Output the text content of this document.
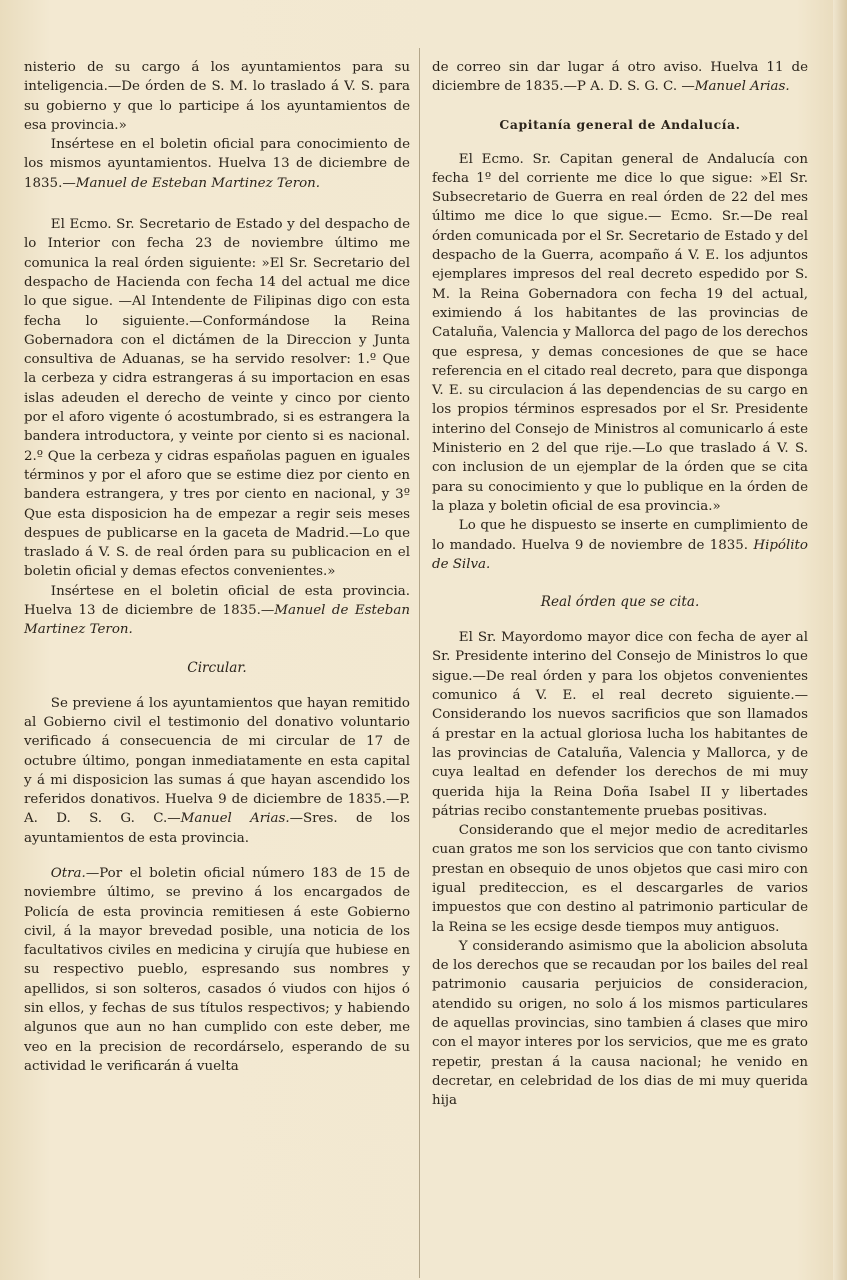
nisterio de su cargo á los ayuntamientos para su inteligencia.—De órden de S. M. lo traslado á V. S. para su gobierno y que lo participe á los ayuntamientos de esa provincia.»

Insértese en el boletin oficial para conocimiento de los mismos ayuntamientos. Huelva 13 de diciembre de 1835.—Manuel de Esteban Martinez Teron.

El Ecmo. Sr. Secretario de Estado y del despacho de lo Interior con fecha 23 de noviembre último me comunica la real órden siguiente: »El Sr. Secretario del despacho de Hacienda con fecha 14 del actual me dice lo que sigue. —Al Intendente de Filipinas digo con esta fecha lo siguiente.—Conformándose la Reina Gobernadora con el dictámen de la Direccion y Junta consultiva de Aduanas, se ha servido resolver: 1.º Que la cerbeza y cidra estrangeras á su importacion en esas islas adeuden el derecho de veinte y cinco por ciento por el aforo vigente ó acostumbrado, si es estrangera la bandera introductora, y veinte por ciento si es nacional. 2.º Que la cerbeza y cidras españolas paguen en iguales términos y por el aforo que se estime diez por ciento en bandera estrangera, y tres por ciento en nacional, y 3º Que esta disposicion ha de empezar a regir seis meses despues de publicarse en la gaceta de Madrid.—Lo que traslado á V. S. de real órden para su publicacion en el boletin oficial y demas efectos convenientes.»

Insértese en el boletin oficial de esta provincia. Huelva 13 de diciembre de 1835.—Manuel de Esteban Martinez Teron.

Circular.

Se previene á los ayuntamientos que hayan remitido al Gobierno civil el testimonio del donativo voluntario verificado á consecuencia de mi circular de 17 de octubre último, pongan inmediatamente en esta capital y á mi disposicion las sumas á que hayan ascendido los referidos donativos. Huelva 9 de diciembre de 1835.—P. A. D. S. G. C.—Manuel Arias.—Sres. de los ayuntamientos de esta provincia.

Otra.—Por el boletin oficial número 183 de 15 de noviembre último, se previno á los encargados de Policía de esta provincia remitiesen á este Gobierno civil, á la mayor brevedad posible, una noticia de los facultativos civiles en medicina y cirujía que hubiese en su respectivo pueblo, espresando sus nombres y apellidos, si son solteros, casados ó viudos con hijos ó sin ellos, y fechas de sus títulos respectivos; y habiendo algunos que aun no han cumplido con este deber, me veo en la precision de recordárselo, esperando de su actividad le verificarán á vuelta

de correo sin dar lugar á otro aviso. Huelva 11 de diciembre de 1835.—P A. D. S. G. C. —Manuel Arias.

Capitanía general de Andalucía.

El Ecmo. Sr. Capitan general de Andalucía con fecha 1º del corriente me dice lo que sigue: »El Sr. Subsecretario de Guerra en real órden de 22 del mes último me dice lo que sigue.— Ecmo. Sr.—De real órden comunicada por el Sr. Secretario de Estado y del despacho de la Guerra, acompaño á V. E. los adjuntos ejemplares impresos del real decreto espedido por S. M. la Reina Gobernadora con fecha 19 del actual, eximiendo á los habitantes de las provincias de Cataluña, Valencia y Mallorca del pago de los derechos que espresa, y demas concesiones de que se hace referencia en el citado real decreto, para que disponga V. E. su circulacion á las dependencias de su cargo en los propios términos espresados por el Sr. Presidente interino del Consejo de Ministros al comunicarlo á este Ministerio en 2 del que rije.—Lo que traslado á V. S. con inclusion de un ejemplar de la órden que se cita para su conocimiento y que lo publique en la órden de la plaza y boletin oficial de esa provincia.»

Lo que he dispuesto se inserte en cumplimiento de lo mandado. Huelva 9 de noviembre de 1835. Hipólito de Silva.

Real órden que se cita.

El Sr. Mayordomo mayor dice con fecha de ayer al Sr. Presidente interino del Consejo de Ministros lo que sigue.—De real órden y para los objetos convenientes comunico á V. E. el real decreto siguiente.—Considerando los nuevos sacrificios que son llamados á prestar en la actual gloriosa lucha los habitantes de las provincias de Cataluña, Valencia y Mallorca, y de cuya lealtad en defender los derechos de mi muy querida hija la Reina Doña Isabel II y libertades pátrias recibo constantemente pruebas positivas.

Considerando que el mejor medio de acreditarles cuan gratos me son los servicios que con tanto civismo prestan en obsequio de unos objetos que casi miro con igual prediteccion, es el descargarles de varios impuestos que con destino al patrimonio particular de la Reina se les ecsige desde tiempos muy antiguos.

Y considerando asimismo que la abolicion absoluta de los derechos que se recaudan por los bailes del real patrimonio causaria perjuicios de consideracion, atendido su origen, no solo á los mismos particulares de aquellas provincias, sino tambien á clases que miro con el mayor interes por los servicios, que me es grato repetir, prestan á la causa nacional; he venido en decretar, en celebridad de los dias de mi muy querida hija
